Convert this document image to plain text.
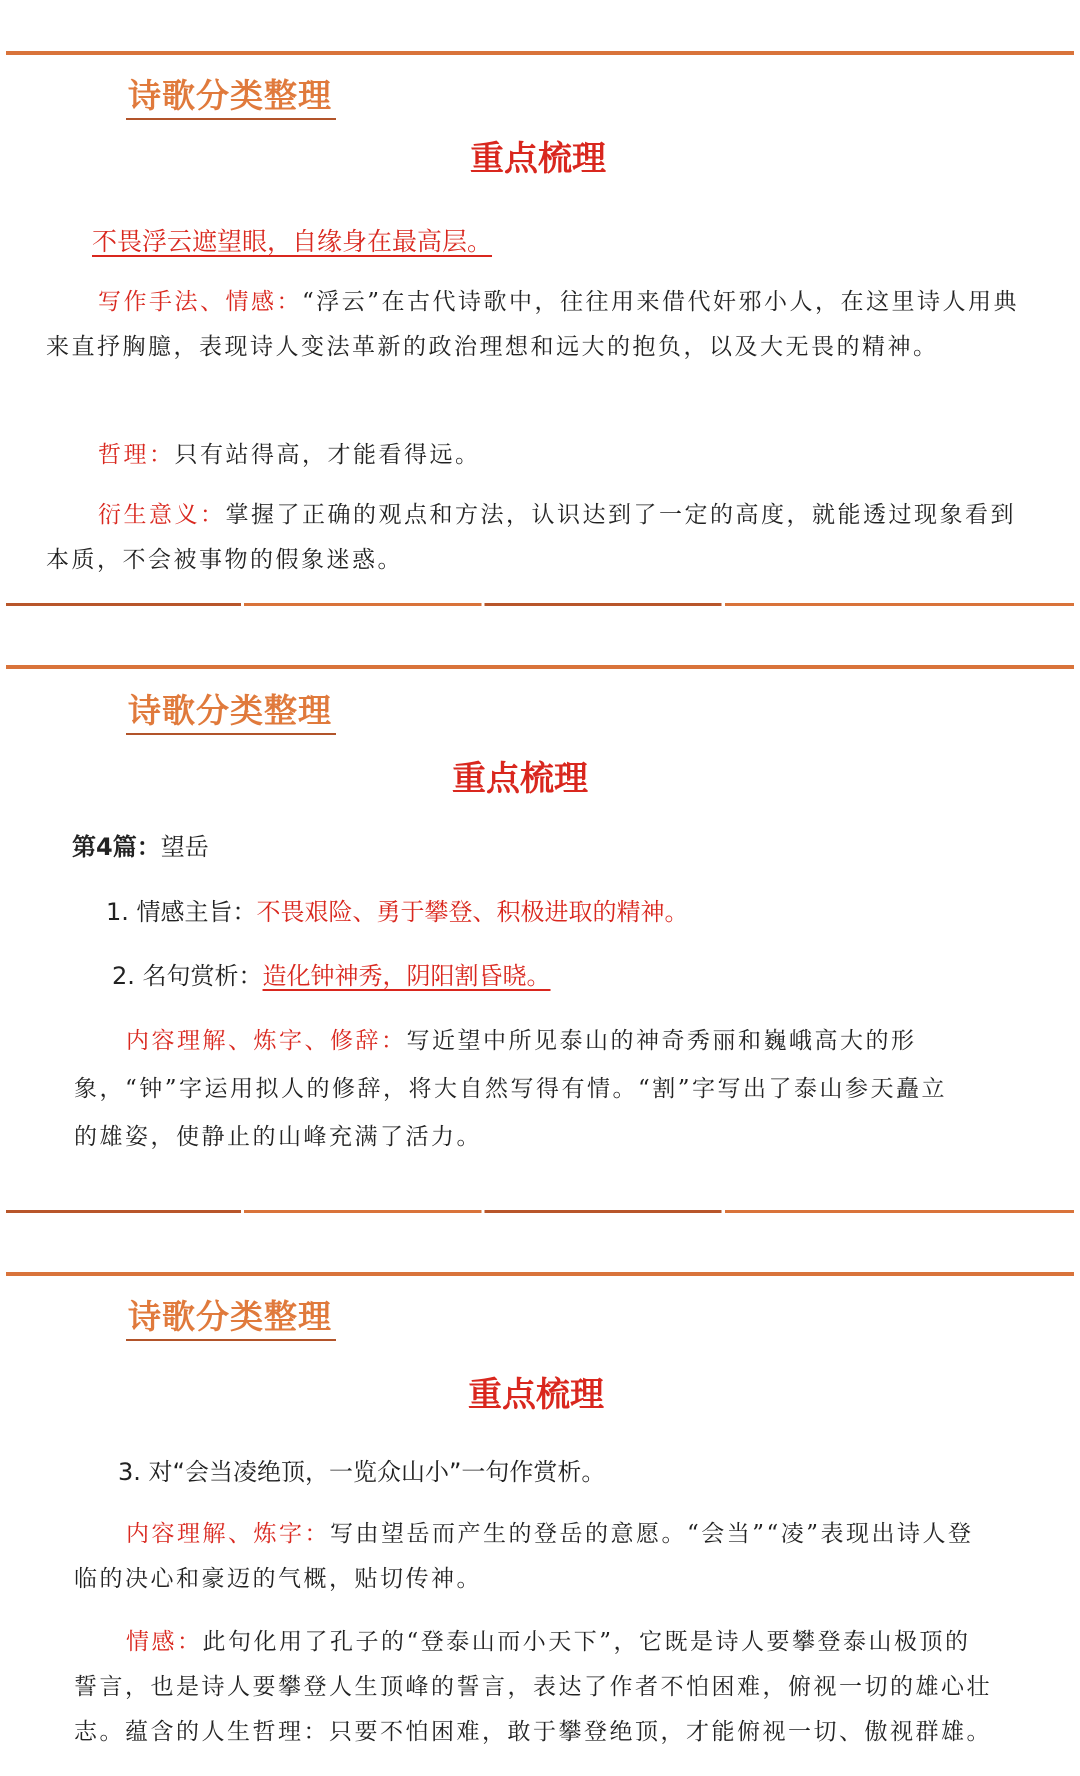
诗歌分类整理
重点梳理
不畏浮云遮望眼，自缘身在最高层。
写作手法、情感：“浮云”在古代诗歌中，往往用来借代奸邪小人，在这里诗人用典来直抒胸臆，表现诗人变法革新的政治理想和远大的抱负，以及大无畏的精神。
哲理：只有站得高，才能看得远。
衍生意义：掌握了正确的观点和方法，认识达到了一定的高度，就能透过现象看到本质，不会被事物的假象迷惑。
诗歌分类整理
重点梳理
第4篇：望岳
1. 情感主旨：不畏艰险、勇于攀登、积极进取的精神。
2. 名句赏析：造化钟神秀，阴阳割昏晓。
内容理解、炼字、修辞：写近望中所见泰山的神奇秀丽和巍峨高大的形象，“钟”字运用拟人的修辞，将大自然写得有情。“割”字写出了泰山参天矗立的雄姿，使静止的山峰充满了活力。
诗歌分类整理
重点梳理
3. 对“会当凌绝顶，一览众山小”一句作赏析。
内容理解、炼字：写由望岳而产生的登岳的意愿。“会当”“凌”表现出诗人登临的决心和豪迈的气概，贴切传神。
情感：此句化用了孔子的“登泰山而小天下”，它既是诗人要攀登泰山极顶的誓言，也是诗人要攀登人生顶峰的誓言，表达了作者不怕困难，俯视一切的雄心壮志。蕴含的人生哲理：只要不怕困难，敢于攀登绝顶，才能俯视一切、傲视群雄。
